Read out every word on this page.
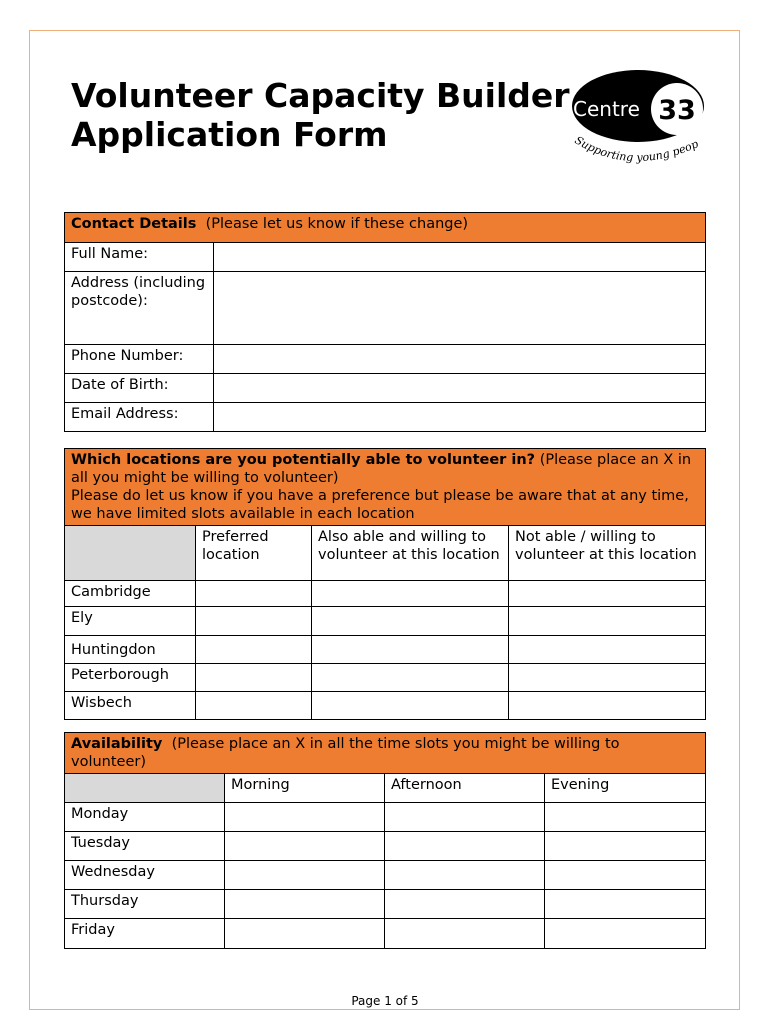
Volunteer Capacity Builder
Application Form
Centre 33
Supporting young peop
Contact Details (Please let us know if these change)	
Full Name:	
Address (including postcode):	
Phone Number:	
Date of Birth:	
Email Address:	
Which locations are you potentially able to volunteer in? (Please place an X in all you might be willing to volunteer)
Please do let us know if you have a preference but please be aware that at any time, we have limited slots available in each location			
	Preferred location	Also able and willing to volunteer at this location	Not able / willing to volunteer at this location
Cambridge			
Ely			
Huntingdon			
Peterborough			
Wisbech			
Availability (Please place an X in all the time slots you might be willing to volunteer)			
	Morning	Afternoon	Evening
Monday			
Tuesday			
Wednesday			
Thursday			
Friday			
Page 1 of 5
